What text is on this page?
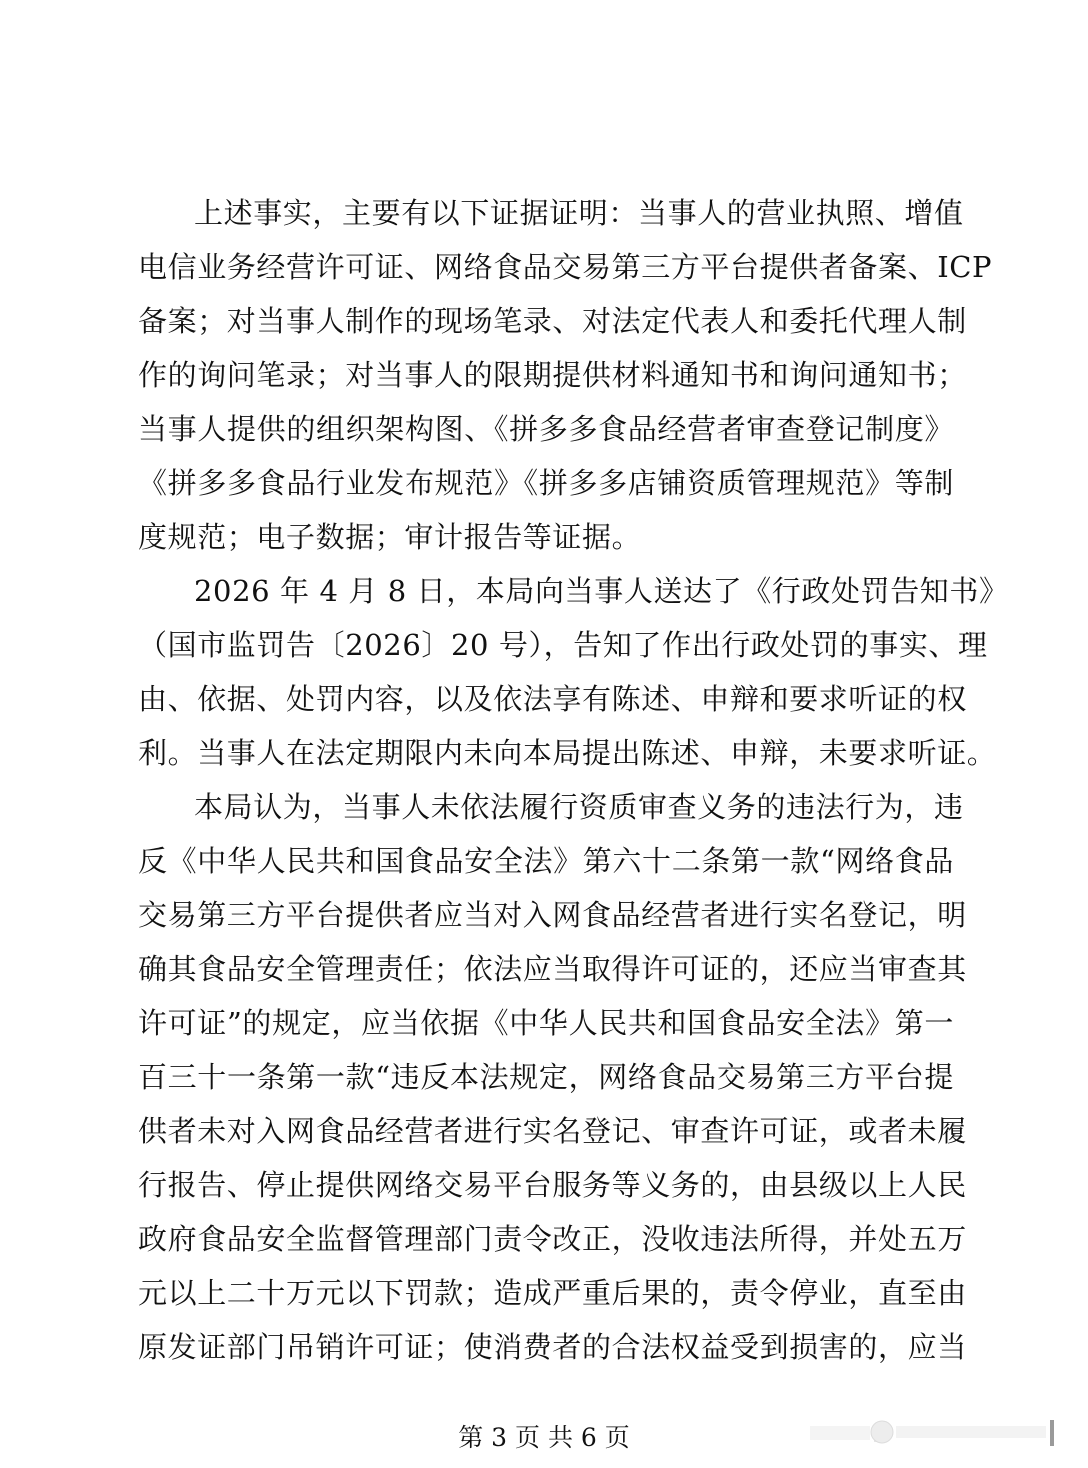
上述事实，主要有以下证据证明：当事人的营业执照、增值
电信业务经营许可证、网络食品交易第三方平台提供者备案、ICP
备案；对当事人制作的现场笔录、对法定代表人和委托代理人制
作的询问笔录；对当事人的限期提供材料通知书和询问通知书；
当事人提供的组织架构图、《拼多多食品经营者审查登记制度》
《拼多多食品行业发布规范》《拼多多店铺资质管理规范》等制
度规范；电子数据；审计报告等证据。
2026 年 4 月 8 日，本局向当事人送达了《行政处罚告知书》
（国市监罚告〔2026〕20 号），告知了作出行政处罚的事实、理
由、依据、处罚内容，以及依法享有陈述、申辩和要求听证的权
利。当事人在法定期限内未向本局提出陈述、申辩，未要求听证。
本局认为，当事人未依法履行资质审查义务的违法行为，违
反《中华人民共和国食品安全法》第六十二条第一款“网络食品
交易第三方平台提供者应当对入网食品经营者进行实名登记，明
确其食品安全管理责任；依法应当取得许可证的，还应当审查其
许可证”的规定，应当依据《中华人民共和国食品安全法》第一
百三十一条第一款“违反本法规定，网络食品交易第三方平台提
供者未对入网食品经营者进行实名登记、审查许可证，或者未履
行报告、停止提供网络交易平台服务等义务的，由县级以上人民
政府食品安全监督管理部门责令改正，没收违法所得，并处五万
元以上二十万元以下罚款；造成严重后果的，责令停业，直至由
原发证部门吊销许可证；使消费者的合法权益受到损害的，应当
第 3 页 共 6 页
